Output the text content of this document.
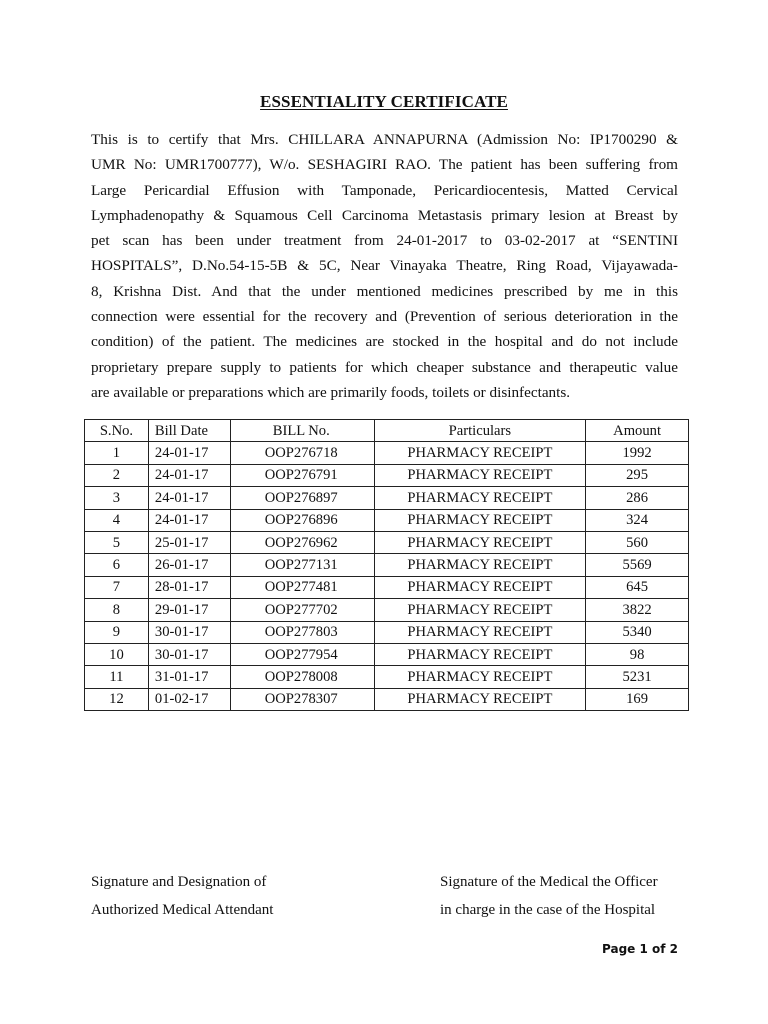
ESSENTIALITY CERTIFICATE
This is to certify that Mrs. CHILLARA ANNAPURNA (Admission No: IP1700290 &
UMR No: UMR1700777), W/o. SESHAGIRI RAO. The patient has been suffering from
Large Pericardial Effusion with Tamponade, Pericardiocentesis, Matted Cervical
Lymphadenopathy & Squamous Cell Carcinoma Metastasis primary lesion at Breast by
pet scan has been under treatment from 24-01-2017 to 03-02-2017 at “SENTINI
HOSPITALS”, D.No.54-15-5B & 5C, Near Vinayaka Theatre, Ring Road, Vijayawada-
8, Krishna Dist. And that the under mentioned medicines prescribed by me in this
connection were essential for the recovery and (Prevention of serious deterioration in the
condition) of the patient. The medicines are stocked in the hospital and do not include
proprietary prepare supply to patients for which cheaper substance and therapeutic value
are available or preparations which are primarily foods, toilets or disinfectants.
S.No.	Bill Date	BILL No.	Particulars	Amount
1	24-01-17	OOP276718	PHARMACY RECEIPT	1992
2	24-01-17	OOP276791	PHARMACY RECEIPT	295
3	24-01-17	OOP276897	PHARMACY RECEIPT	286
4	24-01-17	OOP276896	PHARMACY RECEIPT	324
5	25-01-17	OOP276962	PHARMACY RECEIPT	560
6	26-01-17	OOP277131	PHARMACY RECEIPT	5569
7	28-01-17	OOP277481	PHARMACY RECEIPT	645
8	29-01-17	OOP277702	PHARMACY RECEIPT	3822
9	30-01-17	OOP277803	PHARMACY RECEIPT	5340
10	30-01-17	OOP277954	PHARMACY RECEIPT	98
11	31-01-17	OOP278008	PHARMACY RECEIPT	5231
12	01-02-17	OOP278307	PHARMACY RECEIPT	169
Signature and Designation of
Authorized Medical Attendant
Signature of the Medical the Officer
in charge in the case of the Hospital
Page 1 of 2
